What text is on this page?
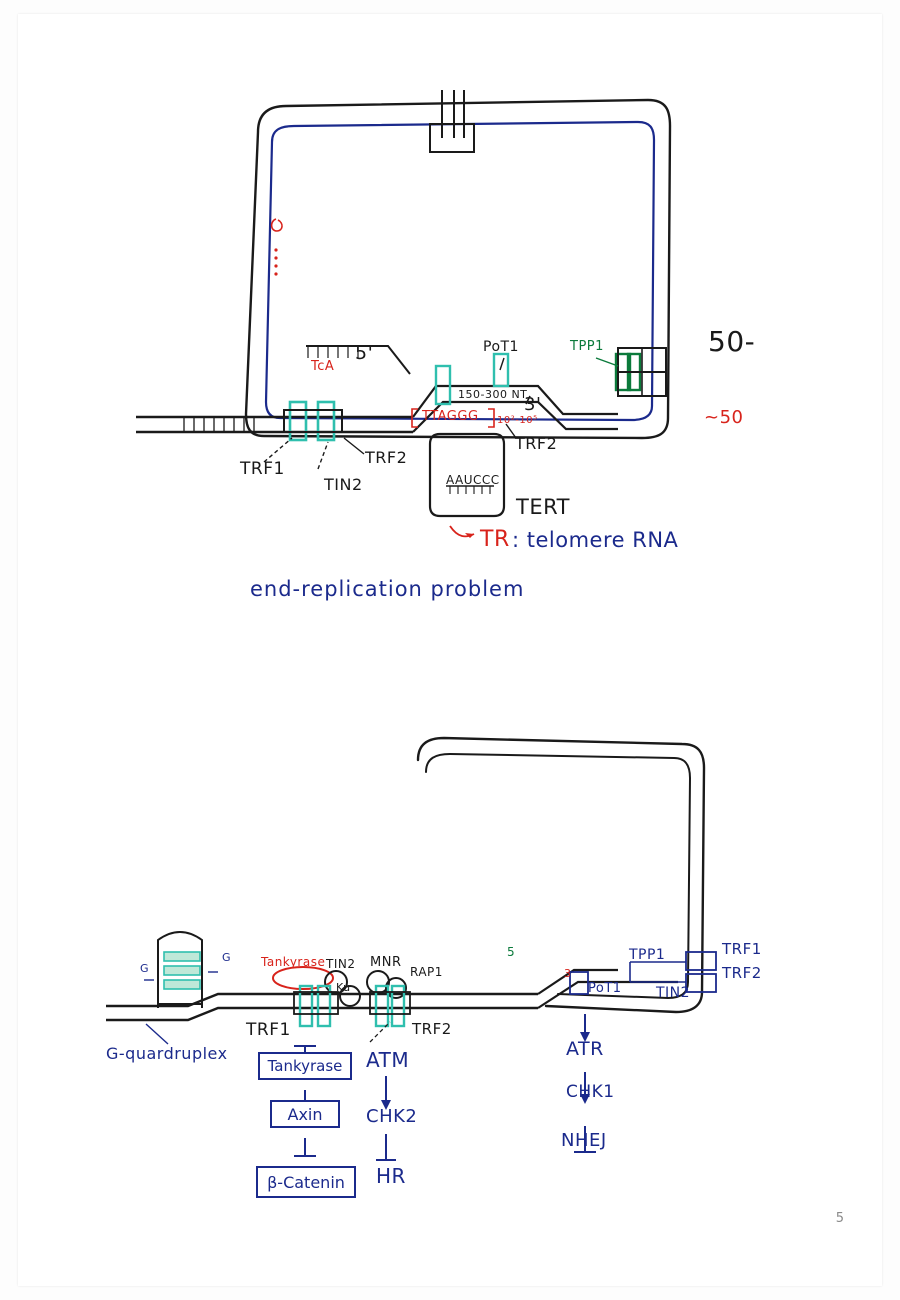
TcA
5'	PoT1	TPP1
150-300 NT
TTAGGG 10²-10⁵
3'
TRF1
TRF2
TIN2
TRF2
AAUCCC
TERT
TR : telomere RNA
50-
~50
end-replication problem
G
G
G-quardruplex
Tankyrase TIN2
Ku
MNR
RAP1
TRF1	TRF2
5
3
TPP1
PoT1 TIN2
TRF1
TRF2
Tankyrase
Axin
β-Catenin
ATM
CHK2
HR
ATR
CHK1
NHEJ
5
